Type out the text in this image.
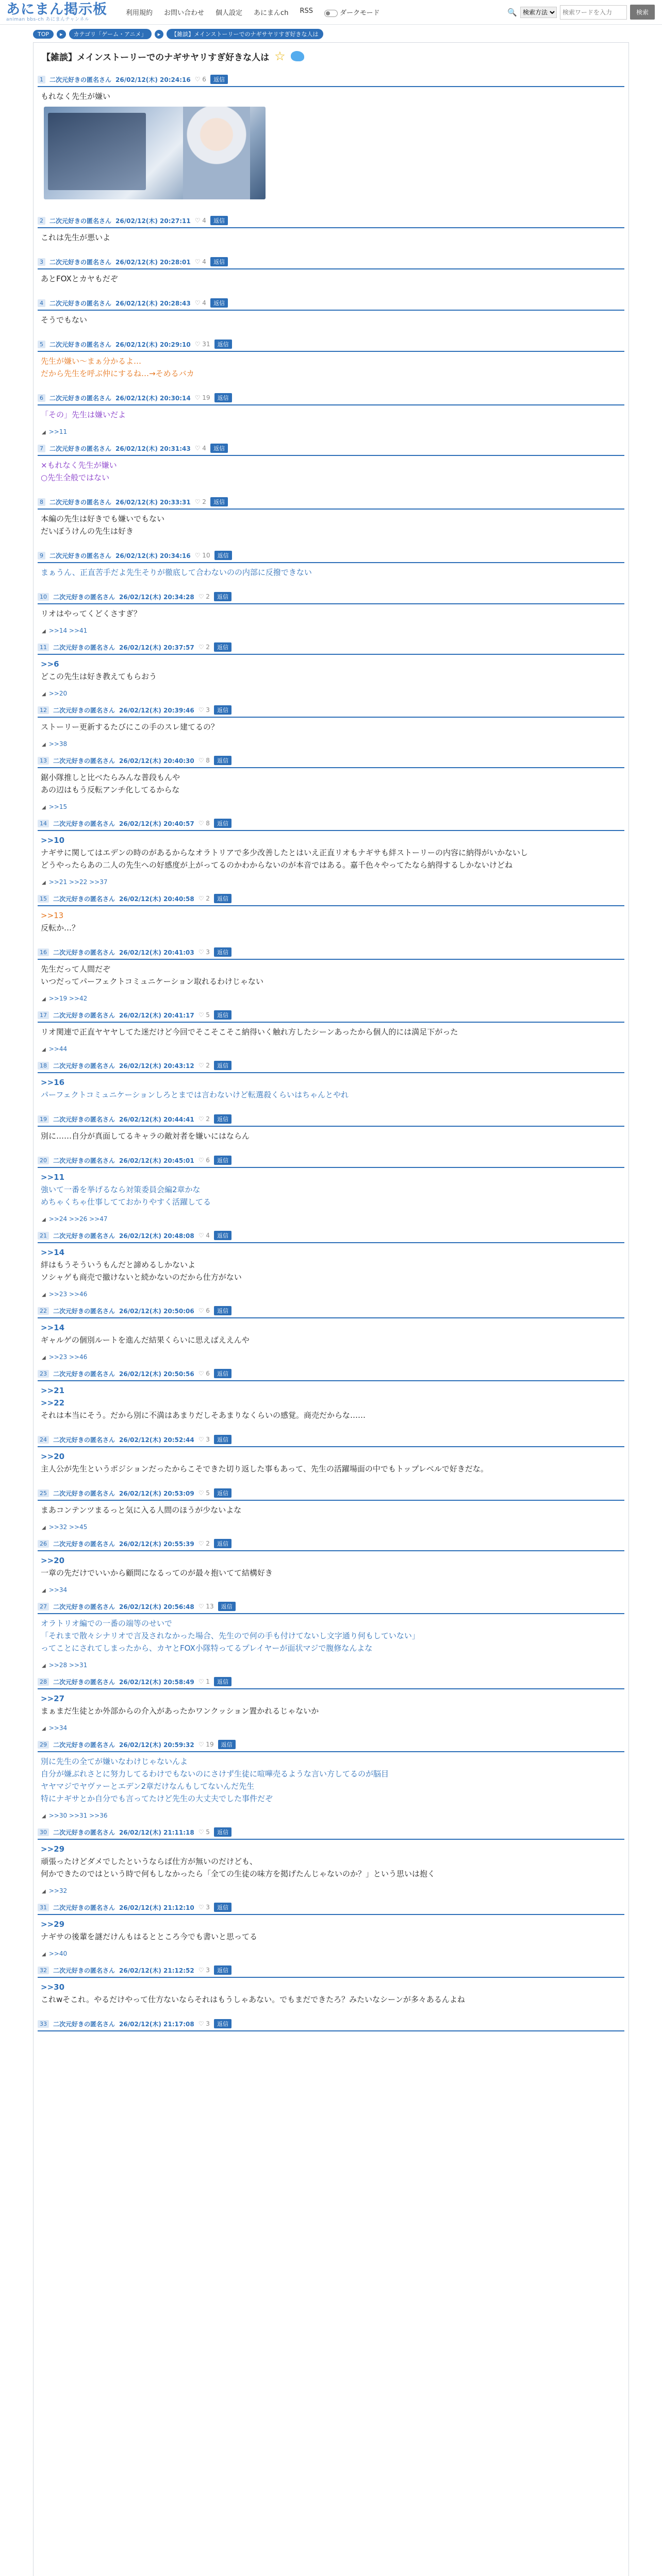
あにまん掲示板
animan bbs-ch あにまんチャンネル
利用規約 お問い合わせ 個人設定 あにまんch RSS	ダークモード	🔍
検索方法
検索ワードを入力	検索
TOP	▸	カテゴリ「ゲーム・アニメ」	▸	【雑談】メインストーリーでのナギサヤリすぎ好きな人は
【雑談】メインストーリーでのナギサヤリすぎ好きな人は ☆
1	二次元好きの匿名さん 26/02/12(木) 20:24:16 ♡ 6	返信
もれなく先生が嫌い
2	二次元好きの匿名さん 26/02/12(木) 20:27:11 ♡ 4	返信
これは先生が悪いよ
3	二次元好きの匿名さん 26/02/12(木) 20:28:01 ♡ 4	返信
あとFOXとカヤもだぞ
4	二次元好きの匿名さん 26/02/12(木) 20:28:43 ♡ 4	返信
そうでもない
5	二次元好きの匿名さん 26/02/12(木) 20:29:10 ♡ 31	返信
先生が嫌い～まぁ分かるよ…
だから先生を呼ぶ仲にするね…→そめるバカ
6	二次元好きの匿名さん 26/02/12(木) 20:30:14 ♡ 19	返信
「その」先生は嫌いだよ
◢ >>11
7	二次元好きの匿名さん 26/02/12(木) 20:31:43 ♡ 4	返信
×もれなく先生が嫌い
○先生全般ではない
8	二次元好きの匿名さん 26/02/12(木) 20:33:31 ♡ 2	返信
本編の先生は好きでも嫌いでもない
だいぼうけんの先生は好き
9	二次元好きの匿名さん 26/02/12(木) 20:34:16 ♡ 10	返信
まぁうん、正直苦手だよ先生そりが徹底して合わないのの内部に反撥できない
10	二次元好きの匿名さん 26/02/12(木) 20:34:28 ♡ 2	返信
リオはやってくどくさすぎ？
◢ >>14 >>41
11	二次元好きの匿名さん 26/02/12(木) 20:37:57 ♡ 2	返信
>>6
どこの先生は好き教えてもらおう
◢ >>20
12	二次元好きの匿名さん 26/02/12(木) 20:39:46 ♡ 3	返信
ストーリー更新するたびにこの手のスレ建てるの？
◢ >>38
13	二次元好きの匿名さん 26/02/12(木) 20:40:30 ♡ 8	返信
鋸小隊推しと比べたらみんな普段もんや
あの辺はもう反転アンチ化してるからな
◢ >>15
14	二次元好きの匿名さん 26/02/12(木) 20:40:57 ♡ 8	返信
>>10
ナギサに関してはエデンの時のがあるからなオラトリアで多少改善したとはいえ正直リオもナギサも絆ストーリーの内容に納得がいかないし
どうやったらあの二人の先生への好感度が上がってるのかわからないのが本音ではある。嘉千色々やってたなら納得するしかないけどね
◢ >>21 >>22 >>37
15	二次元好きの匿名さん 26/02/12(木) 20:40:58 ♡ 2	返信
>>13
反転か…？
16	二次元好きの匿名さん 26/02/12(木) 20:41:03 ♡ 3	返信
先生だって人間だぞ
いつだってパーフェクトコミュニケーション取れるわけじゃない
◢ >>19 >>42
17	二次元好きの匿名さん 26/02/12(木) 20:41:17 ♡ 5	返信
リオ関連で正直ヤヤヤしてた迷だけど今回でそこそこそこ納得いく触れ方したシーンあったから個人的には満足下がった
◢ >>44
18	二次元好きの匿名さん 26/02/12(木) 20:43:12 ♡ 2	返信
>>16
パーフェクトコミュニケーションしろとまでは言わないけど転選殺くらいはちゃんとやれ
19	二次元好きの匿名さん 26/02/12(木) 20:44:41 ♡ 2	返信
別に……自分が真面してるキャラの敵対者を嫌いにはならん
20	二次元好きの匿名さん 26/02/12(木) 20:45:01 ♡ 6	返信
>>11
強いて一番を挙げるなら対策委員会編2章かな
めちゃくちゃ仕事してておかりやすく活躍してる
◢ >>24 >>26 >>47
21	二次元好きの匿名さん 26/02/12(木) 20:48:08 ♡ 4	返信
>>14
絆はもうそういうもんだと諦めるしかないよ
ソシャゲも商売で撤けないと続かないのだから仕方がない
◢ >>23 >>46
22	二次元好きの匿名さん 26/02/12(木) 20:50:06 ♡ 6	返信
>>14
ギャルゲの個別ルートを進んだ結果くらいに思えばええんや
◢ >>23 >>46
23	二次元好きの匿名さん 26/02/12(木) 20:50:56 ♡ 6	返信
>>21
>>22
それは本当にそう。だから別に不満はあまりだしそあまりなくらいの感覚。商売だからな……
24	二次元好きの匿名さん 26/02/12(木) 20:52:44 ♡ 3	返信
>>20
主人公が先生というポジションだったからこそできた切り返した事もあって、先生の活躍場面の中でもトップレベルで好きだな。
25	二次元好きの匿名さん 26/02/12(木) 20:53:09 ♡ 5	返信
まあコンテンツまるっと気に入る人間のほうが少ないよな
◢ >>32 >>45
26	二次元好きの匿名さん 26/02/12(木) 20:55:39 ♡ 2	返信
>>20
一章の先だけでいいから顧問になるってのが最々抱いてて結構好き
◢ >>34
27	二次元好きの匿名さん 26/02/12(木) 20:56:48 ♡ 13	返信
オラトリオ編での一番の端等のせいで
「それまで散々シナリオで言及されなかった場合、先生ので何の手も付けてないし文字通り何もしていない」
ってことにされてしまったから、カヤとFOX小隊特ってるプレイヤーが面状マジで腹修なんよな
◢ >>28 >>31
28	二次元好きの匿名さん 26/02/12(木) 20:58:49 ♡ 1	返信
>>27
まぁまだ生徒とか外部からの介入があったかワンクッション置かれるじゃないか
◢ >>34
29	二次元好きの匿名さん 26/02/12(木) 20:59:32 ♡ 19	返信
別に先生の全てが嫌いなわけじゃないんよ
自分が嫌ぶれさとに努力してるわけでもないのにさけず生徒に喧嘩売るような言い方してるのが脳目
ヤヤマジでヤヴァーとエデン2章だけなんもしてないんだ先生
特にナギサとか自分でも言ってたけど先生の大丈夫でした事件だぞ
◢ >>30 >>31 >>36
30	二次元好きの匿名さん 26/02/12(木) 21:11:18 ♡ 5	返信
>>29
頑張ったけどダメでしたというならば仕方が無いのだけども、
何かできたのではという時で何もしなかったら「全ての生徒の味方を掲げたんじゃないのか？」という思いは抱く
◢ >>32
31	二次元好きの匿名さん 26/02/12(木) 21:12:10 ♡ 3	返信
>>29
ナギサの後輩を謎だけんもはるとところ今でも書いと思ってる
◢ >>40
32	二次元好きの匿名さん 26/02/12(木) 21:12:52 ♡ 3	返信
>>30
これwそこれ。やるだけやって仕方ないならそれはもうしゃあない。でもまだできたろ？みたいなシーンが多々あるんよね
33	二次元好きの匿名さん 26/02/12(木) 21:17:08 ♡ 3	返信
